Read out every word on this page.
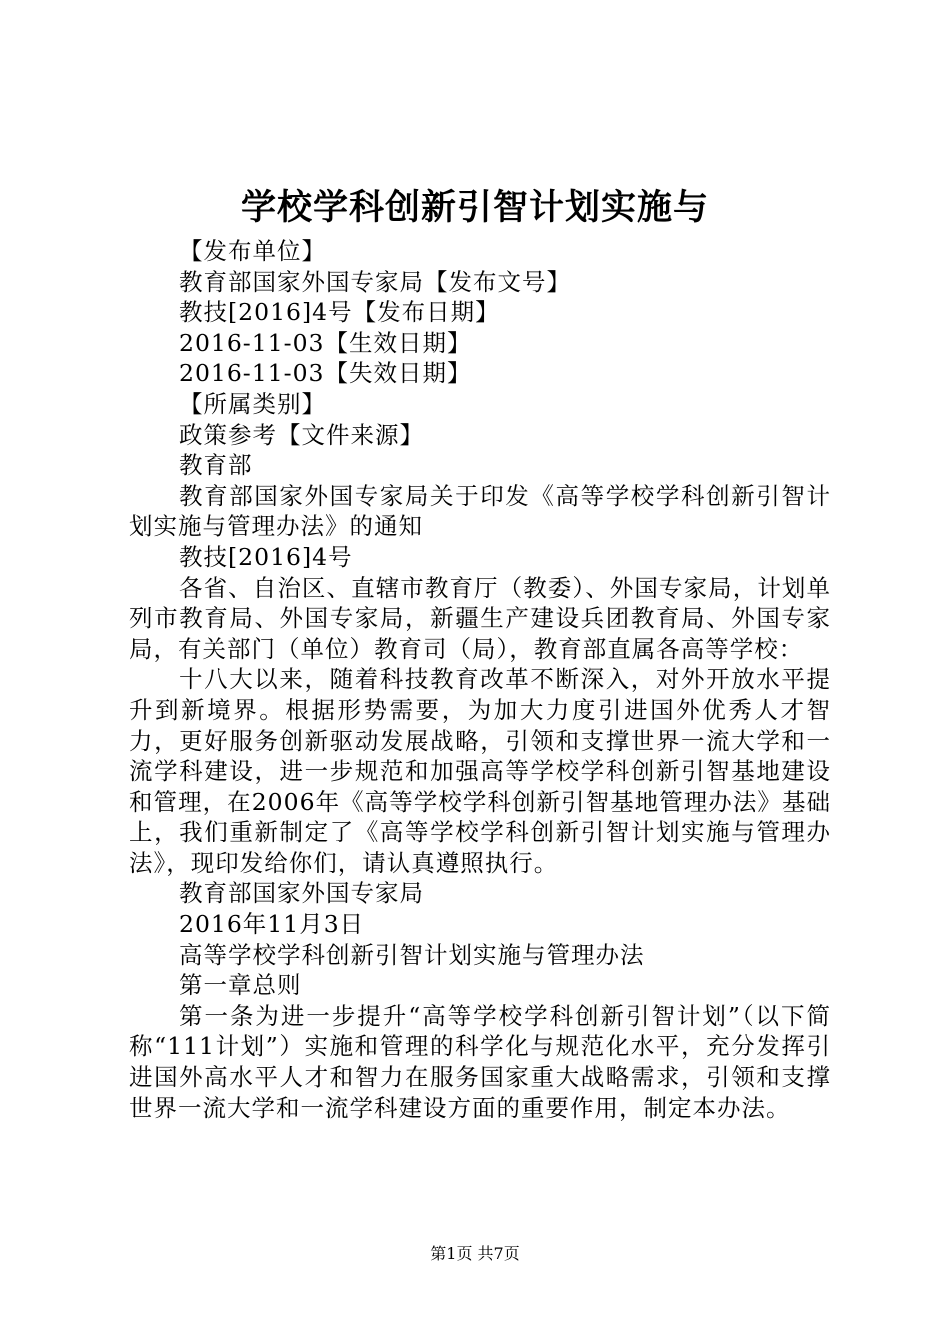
学校学科创新引智计划实施与

【发布单位】

教育部国家外国专家局【发布文号】

教技[2016]4号【发布日期】

2016-11-03【生效日期】

2016-11-03【失效日期】

【所属类别】

政策参考【文件来源】

教育部

教育部国家外国专家局关于印发《高等学校学科创新引智计划实施与管理办法》的通知

教技[2016]4号

各省、自治区、直辖市教育厅（教委）、外国专家局，计划单列市教育局、外国专家局，新疆生产建设兵团教育局、外国专家局，有关部门（单位）教育司（局），教育部直属各高等学校：

十八大以来，随着科技教育改革不断深入，对外开放水平提升到新境界。根据形势需要，为加大力度引进国外优秀人才智力，更好服务创新驱动发展战略，引领和支撑世界一流大学和一流学科建设，进一步规范和加强高等学校学科创新引智基地建设和管理，在2006年《高等学校学科创新引智基地管理办法》基础上，我们重新制定了《高等学校学科创新引智计划实施与管理办法》，现印发给你们，请认真遵照执行。

教育部国家外国专家局

2016年11月3日

高等学校学科创新引智计划实施与管理办法

第一章总则

第一条为进一步提升“高等学校学科创新引智计划”（以下简称“111计划”）实施和管理的科学化与规范化水平，充分发挥引进国外高水平人才和智力在服务国家重大战略需求，引领和支撑世界一流大学和一流学科建设方面的重要作用，制定本办法。

第1页 共7页
